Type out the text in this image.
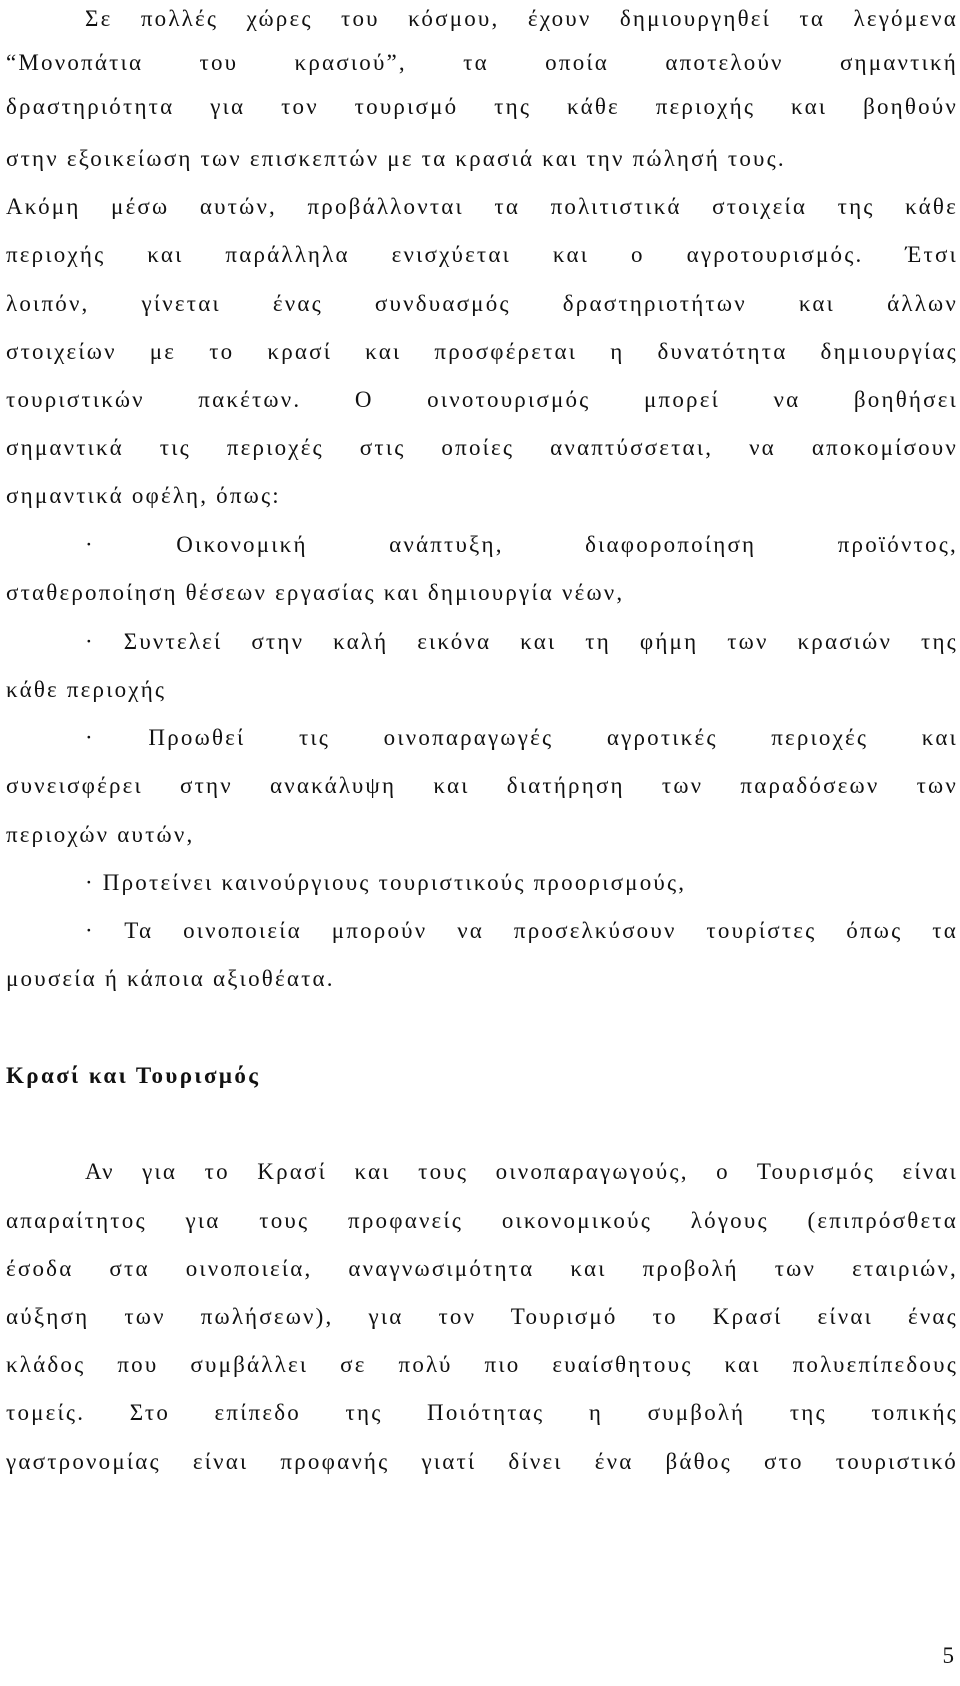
Σε πολλές χώρες του κόσμου, έχουν δημιουργηθεί τα λεγόμενα
“Μονοπάτια του κρασιού”, τα οποία αποτελούν σημαντική
δραστηριότητα για τον τουρισμό της κάθε περιοχής και βοηθούν
στην εξοικείωση των επισκεπτών με τα κρασιά και την πώλησή τους.
Ακόμη μέσω αυτών, προβάλλονται τα πολιτιστικά στοιχεία της κάθε
περιοχής και παράλληλα ενισχύεται και ο αγροτουρισμός. Έτσι
λοιπόν, γίνεται ένας συνδυασμός δραστηριοτήτων και άλλων
στοιχείων με το κρασί και προσφέρεται η δυνατότητα δημιουργίας
τουριστικών πακέτων. Ο οινοτουρισμός μπορεί να βοηθήσει
σημαντικά τις περιοχές στις οποίες αναπτύσσεται, να αποκομίσουν
σημαντικά οφέλη, όπως:
· Οικονομική ανάπτυξη, διαφοροποίηση προϊόντος,
σταθεροποίηση θέσεων εργασίας και δημιουργία νέων,
· Συντελεί στην καλή εικόνα και τη φήμη των κρασιών της
κάθε περιοχής
· Προωθεί τις οινοπαραγωγές αγροτικές περιοχές και
συνεισφέρει στην ανακάλυψη και διατήρηση των παραδόσεων των
περιοχών αυτών,
· Προτείνει καινούργιους τουριστικούς προορισμούς,
· Τα οινοποιεία μπορούν να προσελκύσουν τουρίστες όπως τα
μουσεία ή κάποια αξιοθέατα.
Κρασί και Τουρισμός
Αν για το Κρασί και τους οινοπαραγωγούς, ο Τουρισμός είναι
απαραίτητος για τους προφανείς οικονομικούς λόγους (επιπρόσθετα
έσοδα στα οινοποιεία, αναγνωσιμότητα και προβολή των εταιριών,
αύξηση των πωλήσεων), για τον Τουρισμό το Κρασί είναι ένας
κλάδος που συμβάλλει σε πολύ πιο ευαίσθητους και πολυεπίπεδους
τομείς. Στο επίπεδο της Ποιότητας η συμβολή της τοπικής
γαστρονομίας είναι προφανής γιατί δίνει ένα βάθος στο τουριστικό
5
